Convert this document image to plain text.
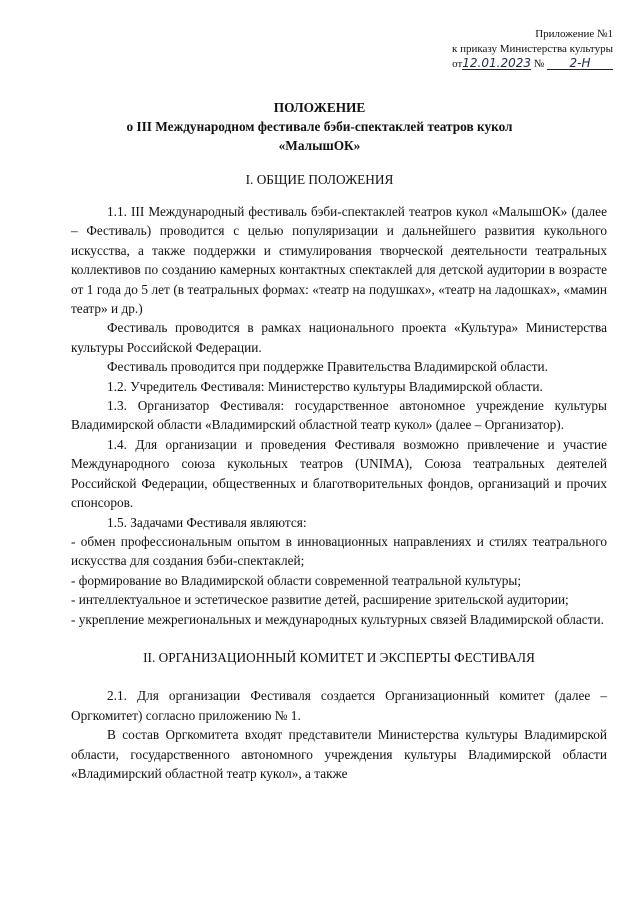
Приложение №1
к приказу Министерства культуры
от12.01.2023 № 2-Н
ПОЛОЖЕНИЕ
о III Международном фестивале бэби-спектаклей театров кукол
«МалышОК»
I. ОБЩИЕ ПОЛОЖЕНИЯ

1.1. III Международный фестиваль бэби-спектаклей театров кукол «МалышОК» (далее – Фестиваль) проводится с целью популяризации и дальнейшего развития кукольного искусства, а также поддержки и стимулирования творческой деятельности театральных коллективов по созданию камерных контактных спектаклей для детской аудитории в возрасте от 1 года до 5 лет (в театральных формах: «театр на подушках», «театр на ладошках», «мамин театр» и др.)

Фестиваль проводится в рамках национального проекта «Культура» Министерства культуры Российской Федерации.

Фестиваль проводится при поддержке Правительства Владимирской области.

1.2. Учредитель Фестиваля: Министерство культуры Владимирской области.

1.3. Организатор Фестиваля: государственное автономное учреждение культуры Владимирской области «Владимирский областной театр кукол» (далее – Организатор).

1.4. Для организации и проведения Фестиваля возможно привлечение и участие Международного союза кукольных театров (UNIMA), Союза театральных деятелей Российской Федерации, общественных и благотворительных фондов, организаций и прочих спонсоров.

1.5. Задачами Фестиваля являются:

- обмен профессиональным опытом в инновационных направлениях и стилях театрального искусства для создания бэби-спектаклей;

- формирование во Владимирской области современной театральной культуры;

- интеллектуальное и эстетическое развитие детей, расширение зрительской аудитории;

- укрепление межрегиональных и международных культурных связей Владимирской области.

II. ОРГАНИЗАЦИОННЫЙ КОМИТЕТ И ЭКСПЕРТЫ ФЕСТИВАЛЯ

2.1. Для организации Фестиваля создается Организационный комитет (далее – Оргкомитет) согласно приложению № 1.

В состав Оргкомитета входят представители Министерства культуры Владимирской области, государственного автономного учреждения культуры Владимирской области «Владимирский областной театр кукол», а также
